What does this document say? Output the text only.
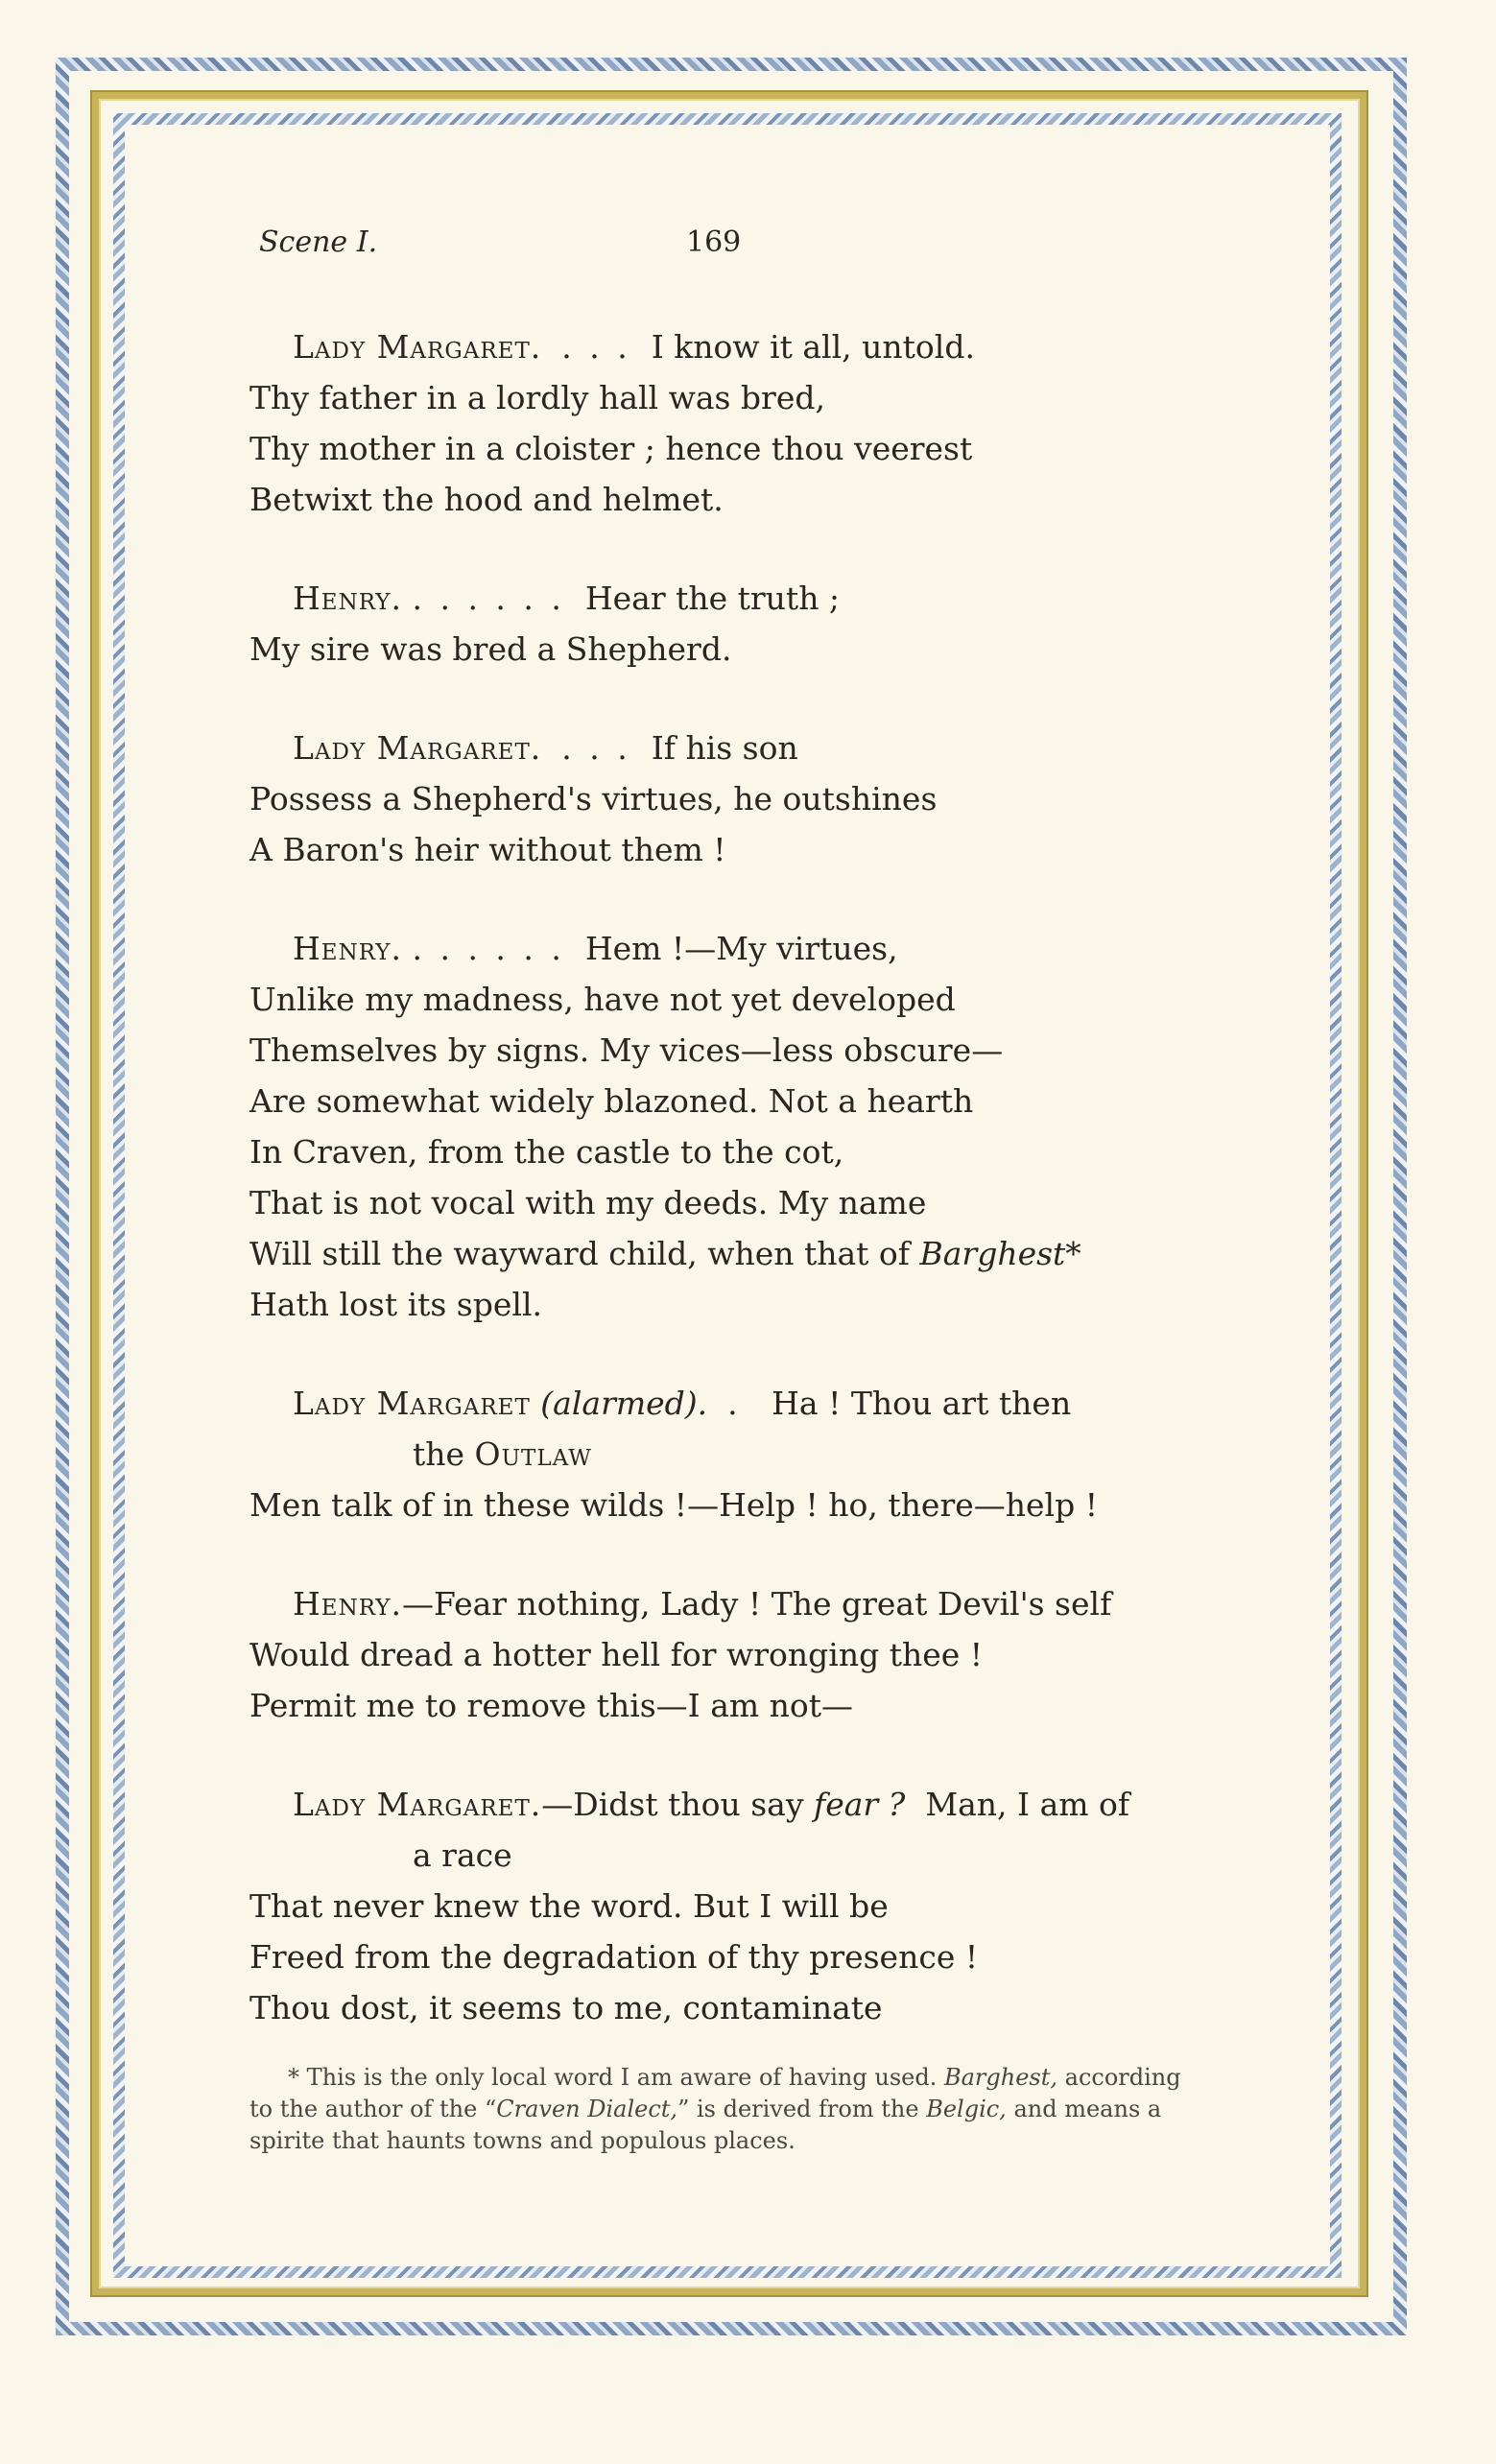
Scene I.	169
Lady Margaret. . . . I know it all, untold.
Thy father in a lordly hall was bred,
Thy mother in a cloister ; hence thou veerest
Betwixt the hood and helmet.
Henry. . . . . . . Hear the truth ;
My sire was bred a Shepherd.
Lady Margaret. . . . If his son
Possess a Shepherd's virtues, he outshines
A Baron's heir without them !
Henry. . . . . . . Hem !—My virtues,
Unlike my madness, have not yet developed
Themselves by signs. My vices—less obscure—
Are somewhat widely blazoned. Not a hearth
In Craven, from the castle to the cot,
That is not vocal with my deeds. My name
Will still the wayward child, when that of Barghest*
Hath lost its spell.
Lady Margaret (alarmed). . Ha ! Thou art then
the Outlaw
Men talk of in these wilds !—Help ! ho, there—help !
Henry.—Fear nothing, Lady ! The great Devil's self
Would dread a hotter hell for wronging thee !
Permit me to remove this—I am not—
Lady Margaret.—Didst thou say fear ? Man, I am of
a race
That never knew the word. But I will be
Freed from the degradation of thy presence !
Thou dost, it seems to me, contaminate
* This is the only local word I am aware of having used. Barghest, according to the author of the “Craven Dialect,” is derived from the Belgic, and means a spirite that haunts towns and populous places.
